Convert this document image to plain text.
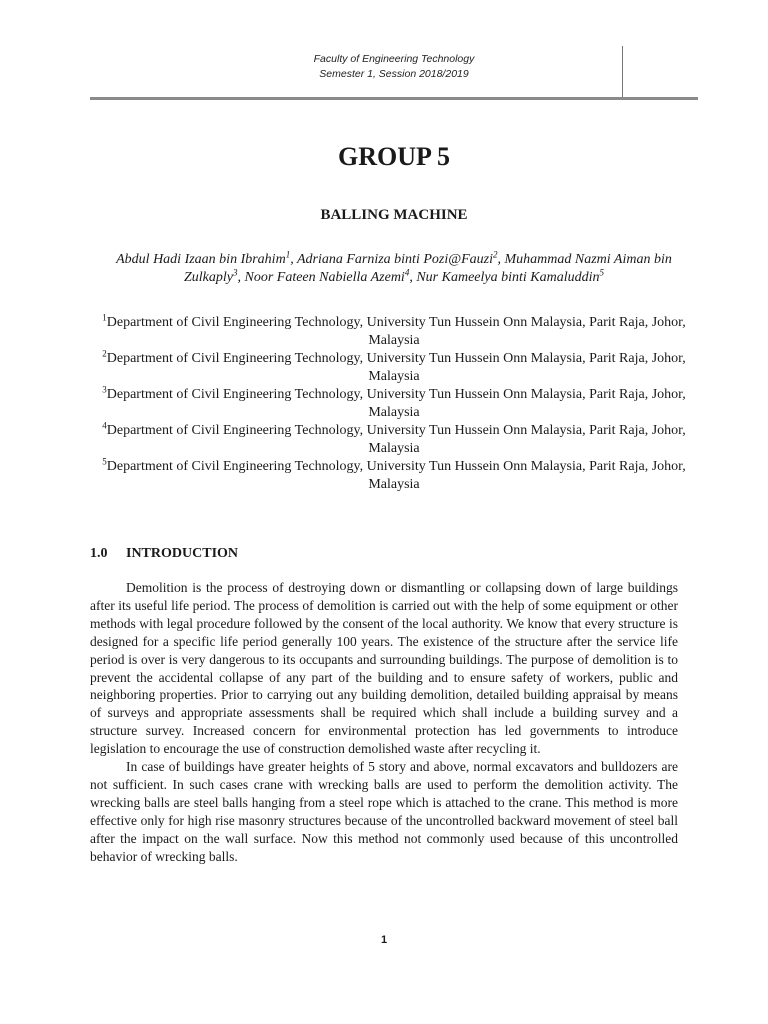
Faculty of Engineering Technology
Semester 1, Session 2018/2019
GROUP 5
BALLING MACHINE
Abdul Hadi Izaan bin Ibrahim$^1$, Adriana Farniza binti Pozi@Fauzi$^2$, Muhammad Nazmi Aiman bin Zulkaply$^3$, Noor Fateen Nabiella Azemi$^4$, Nur Kameelya binti Kamaluddin$^5$

$^1$Department of Civil Engineering Technology, University Tun Hussein Onn Malaysia, Parit Raja, Johor, Malaysia

$^2$Department of Civil Engineering Technology, University Tun Hussein Onn Malaysia, Parit Raja, Johor, Malaysia

$^3$Department of Civil Engineering Technology, University Tun Hussein Onn Malaysia, Parit Raja, Johor, Malaysia

$^4$Department of Civil Engineering Technology, University Tun Hussein Onn Malaysia, Parit Raja, Johor, Malaysia

$^5$Department of Civil Engineering Technology, University Tun Hussein Onn Malaysia, Parit Raja, Johor, Malaysia

1.0 INTRODUCTION

Demolition is the process of destroying down or dismantling or collapsing down of large buildings after its useful life period. The process of demolition is carried out with the help of some equipment or other methods with legal procedure followed by the consent of the local authority. We know that every structure is designed for a specific life period generally 100 years. The existence of the structure after the service life period is over is very dangerous to its occupants and surrounding buildings. The purpose of demolition is to prevent the accidental collapse of any part of the building and to ensure safety of workers, public and neighboring properties. Prior to carrying out any building demolition, detailed building appraisal by means of surveys and appropriate assessments shall be required which shall include a building survey and a structure survey. Increased concern for environmental protection has led governments to introduce legislation to encourage the use of construction demolished waste after recycling it.

In case of buildings have greater heights of 5 story and above, normal excavators and bulldozers are not sufficient. In such cases crane with wrecking balls are used to perform the demolition activity. The wrecking balls are steel balls hanging from a steel rope which is attached to the crane. This method is more effective only for high rise masonry structures because of the uncontrolled backward movement of steel ball after the impact on the wall surface. Now this method not commonly used because of this uncontrolled behavior of wrecking balls.

1
